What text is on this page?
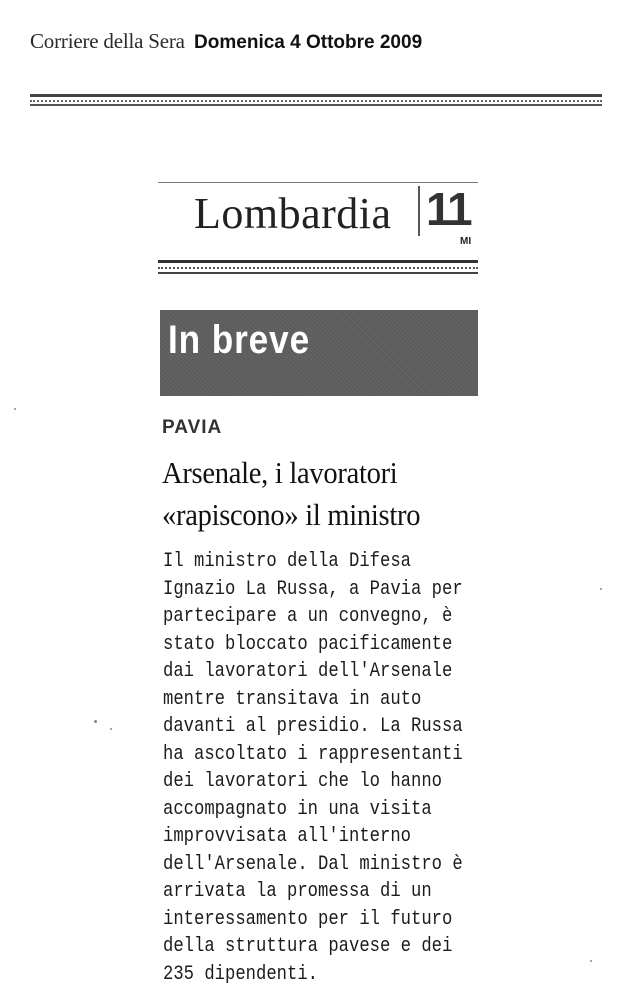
Corriere della Sera Domenica 4 Ottobre 2009
Lombardia 11
MI
In breve
PAVIA
Arsenale, i lavoratori
«rapiscono» il ministro
Il ministro della Difesa
Ignazio La Russa, a Pavia per
partecipare a un convegno, è
stato bloccato pacificamente
dai lavoratori dell'Arsenale
mentre transitava in auto
davanti al presidio. La Russa
ha ascoltato i rappresentanti
dei lavoratori che lo hanno
accompagnato in una visita
improvvisata all'interno
dell'Arsenale. Dal ministro è
arrivata la promessa di un
interessamento per il futuro
della struttura pavese e dei
235 dipendenti.
